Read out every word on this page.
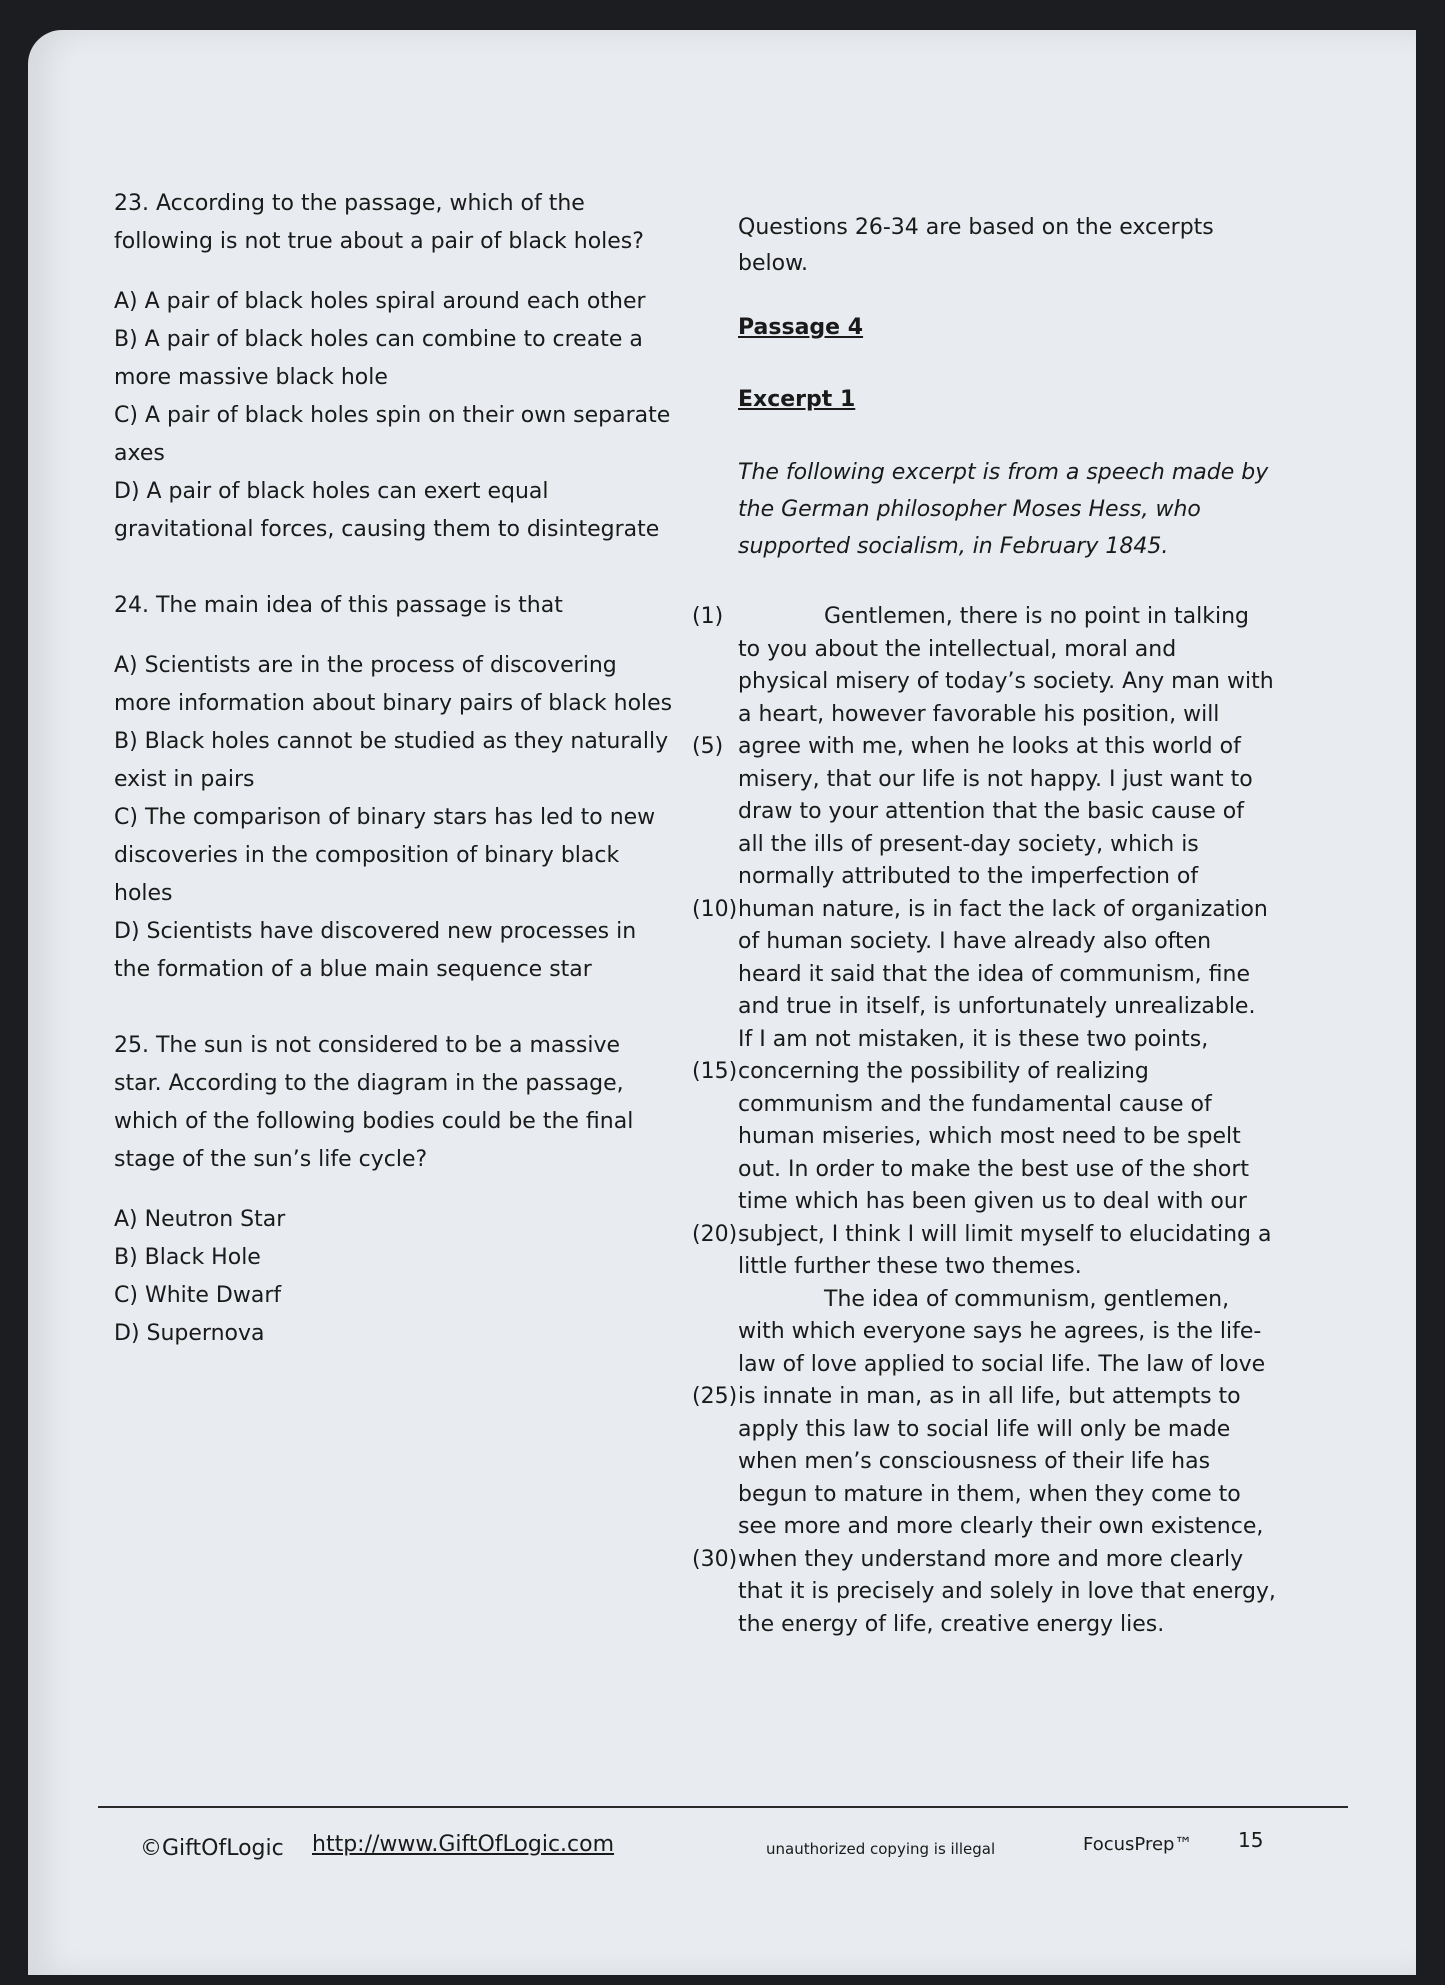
23. According to the passage, which of the following is not true about a pair of black holes?

A) A pair of black holes spiral around each other

B) A pair of black holes can combine to create a more massive black hole

C) A pair of black holes spin on their own separate axes

D) A pair of black holes can exert equal gravitational forces, causing them to disintegrate

24. The main idea of this passage is that

A) Scientists are in the process of discovering more information about binary pairs of black holes

B) Black holes cannot be studied as they naturally exist in pairs

C) The comparison of binary stars has led to new discoveries in the composition of binary black holes

D) Scientists have discovered new processes in the formation of a blue main sequence star

25. The sun is not considered to be a massive star. According to the diagram in the passage, which of the following bodies could be the final stage of the sun’s life cycle?

A) Neutron Star

B) Black Hole

C) White Dwarf

D) Supernova

Questions 26-34 are based on the excerpts below.

Passage 4

Excerpt 1

The following excerpt is from a speech made by the German philosopher Moses Hess, who supported socialism, in February 1845.

(1)	Gentlemen, there is no point in talking
to you about the intellectual, moral and
physical misery of today’s society. Any man with
a heart, however favorable his position, will
(5) agree with me, when he looks at this world of
misery, that our life is not happy. I just want to
draw to your attention that the basic cause of
all the ills of present-day society, which is
normally attributed to the imperfection of
(10) human nature, is in fact the lack of organization
of human society. I have already also often
heard it said that the idea of communism, fine
and true in itself, is unfortunately unrealizable.
If I am not mistaken, it is these two points,
(15) concerning the possibility of realizing
communism and the fundamental cause of
human miseries, which most need to be spelt
out. In order to make the best use of the short
time which has been given us to deal with our
(20) subject, I think I will limit myself to elucidating a
little further these two themes.
The idea of communism, gentlemen,
with which everyone says he agrees, is the life-
law of love applied to social life. The law of love
(25) is innate in man, as in all life, but attempts to
apply this law to social life will only be made
when men’s consciousness of their life has
begun to mature in them, when they come to
see more and more clearly their own existence,
(30) when they understand more and more clearly
that it is precisely and solely in love that energy,
the energy of life, creative energy lies.
©GiftOfLogic http://www.GiftOfLogic.com	unauthorized copying is illegal	FocusPrep™ 15
